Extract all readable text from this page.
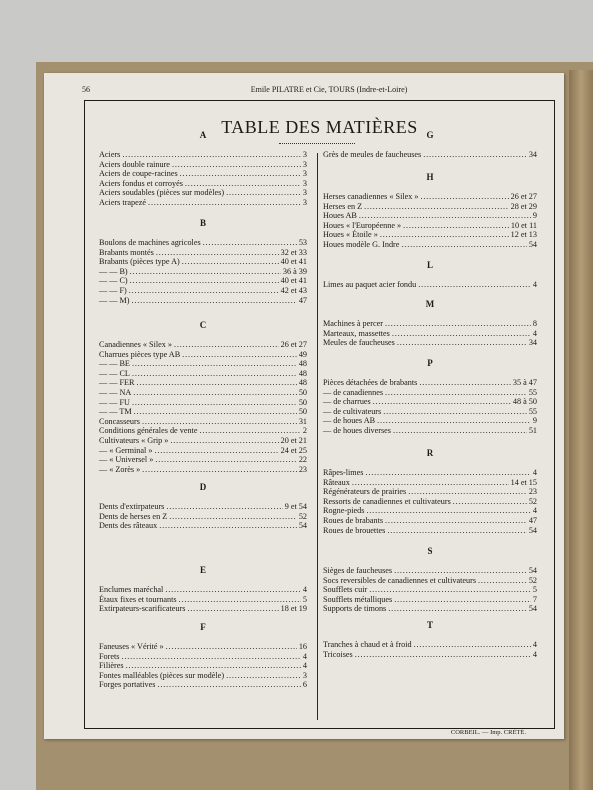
56	Emile PILATRE et Cie, TOURS (Indre-et-Loire)
TABLE DES MATIÈRES
A
Aciers . . .	3
Aciers double rainure . . .	3
Aciers de coupe-racines . . .	3
Aciers fondus et corroyés . . .	3
Aciers soudables (pièces sur modèles) . . .	3
Aciers trapezé . . .	3
B
Boulons de machines agricoles . . .	53
Brabants montés . . .	32 et 33
Brabants (pièces type A) . . .	40 et 41
— — B) . . .	36 à 39
— — C) . . .	40 et 41
— — F) . . .	42 et 43
— — M) . . .	47
C
Canadiennes « Silex » . . .	26 et 27
Charrues pièces type AB . . .	49
— — BE . . .	48
— — CL . . .	48
— — FER . . .	48
— — NA . . .	50
— — FU . . .	50
— — TM . . .	50
Concasseurs . . .	31
Conditions générales de vente . . .	2
Cultivateurs « Grip » . . .	20 et 21
— « Germinal » . . .	24 et 25
— « Universel » . . .	22
— « Zorès » . . .	23
D
Dents d'extirpateurs . . .	9 et 54
Dents de herses en Z . . .	52
Dents des râteaux . . .	54
E
Enclumes maréchal . . .	4
Étaux fixes et tournants . . .	5
Extirpateurs-scarificateurs . . .	18 et 19
F
Faneuses « Vérité » . . .	16
Forets . . .	4
Filières . . .	4
Fontes malléables (pièces sur modèle) . . .	3
Forges portatives . . .	6
G
Grès de meules de faucheuses . . .	34
H
Herses canadiennes « Silex » . . .	26 et 27
Herses en Z . . .	28 et 29
Houes AB . . .	9
Houes « l'Européenne » . . .	10 et 11
Houes « Étoile » . . .	12 et 13
Houes modèle G. Indre . . .	54
L
Limes au paquet acier fondu . . .	4
M
Machines à percer . . .	8
Marteaux, massettes . . .	4
Meules de faucheuses . . .	34
P
Pièces détachées de brabants . . .	35 à 47
— de canadiennes . . .	55
— de charrues . . .	48 à 50
— de cultivateurs . . .	55
— de houes AB . . .	9
— de houes diverses . . .	51
R
Râpes-limes . . .	4
Râteaux . . .	14 et 15
Régénérateurs de prairies . . .	23
Ressorts de canadiennes et cultivateurs . . .	52
Rogne-pieds . . .	4
Roues de brabants . . .	47
Roues de brouettes . . .	54
S
Sièges de faucheuses . . .	54
Socs reversibles de canadiennes et cultivateurs . . .	52
Soufflets cuir . . .	5
Soufflets métalliques . . .	7
Supports de timons . . .	54
T
Tranches à chaud et à froid . . .	4
Tricoises . . .	4
CORBEIL. — Imp. CRÉTÉ.
